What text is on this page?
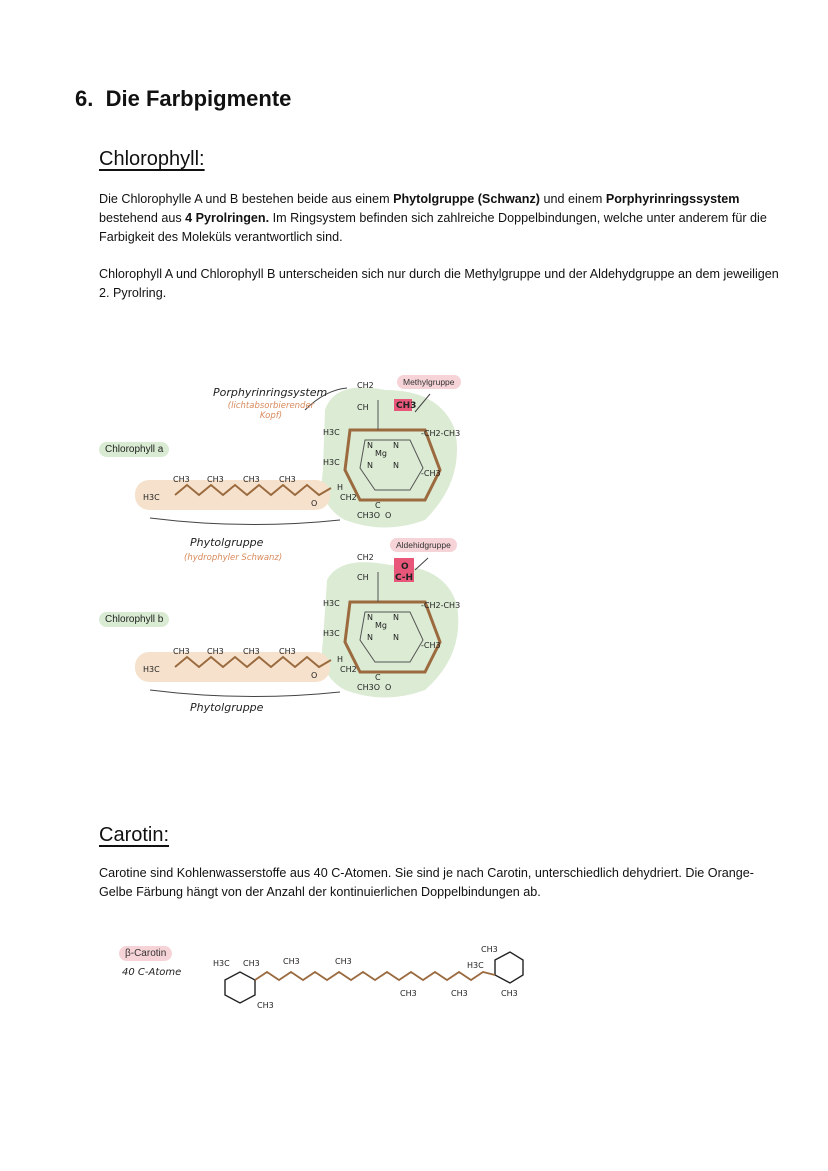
6. Die Farbpigmente
Chlorophyll:
Die Chlorophylle A und B bestehen beide aus einem Phytolgruppe (Schwanz) und einem Porphyrinringssystem bestehend aus 4 Pyrolringen. Im Ringsystem befinden sich zahlreiche Doppelbindungen, welche unter anderem für die Farbigkeit des Moleküls verantwortlich sind.
Chlorophyll A und Chlorophyll B unterscheiden sich nur durch die Methylgruppe und der Aldehydgruppe an dem jeweiligen 2. Pyrolring.
CH3
CH2
CH
H3C
H3C
Mg
N	N
N	N
-CH2-CH3
-CH3
H3C
CH3 CH3 CH3 CH3
CH2
CH3O
O
O
H
C
O
C-H
CH2
CH
H3C
H3C
Mg
N	N
N	N
-CH2-CH3
-CH3
H3C
CH3 CH3 CH3 CH3
CH2
CH3O
O
O
H
C
Chlorophyll a
Chlorophyll b
Methylgruppe
Aldehidgruppe
Porphyrinringsystem
(lichtabsorbierender Kopf)
Phytolgruppe
(hydrophyler Schwanz)
Phytolgruppe
Carotin:
Carotine sind Kohlenwasserstoffe aus 40 C-Atomen. Sie sind je nach Carotin, unterschiedlich dehydriert. Die Orange-Gelbe Färbung hängt von der Anzahl der kontinuierlichen Doppelbindungen ab.
β-Carotin
40 C-Atome
H3C CH3	CH3	CH3
CH3
CH3	CH3	CH3
H3C
CH3
